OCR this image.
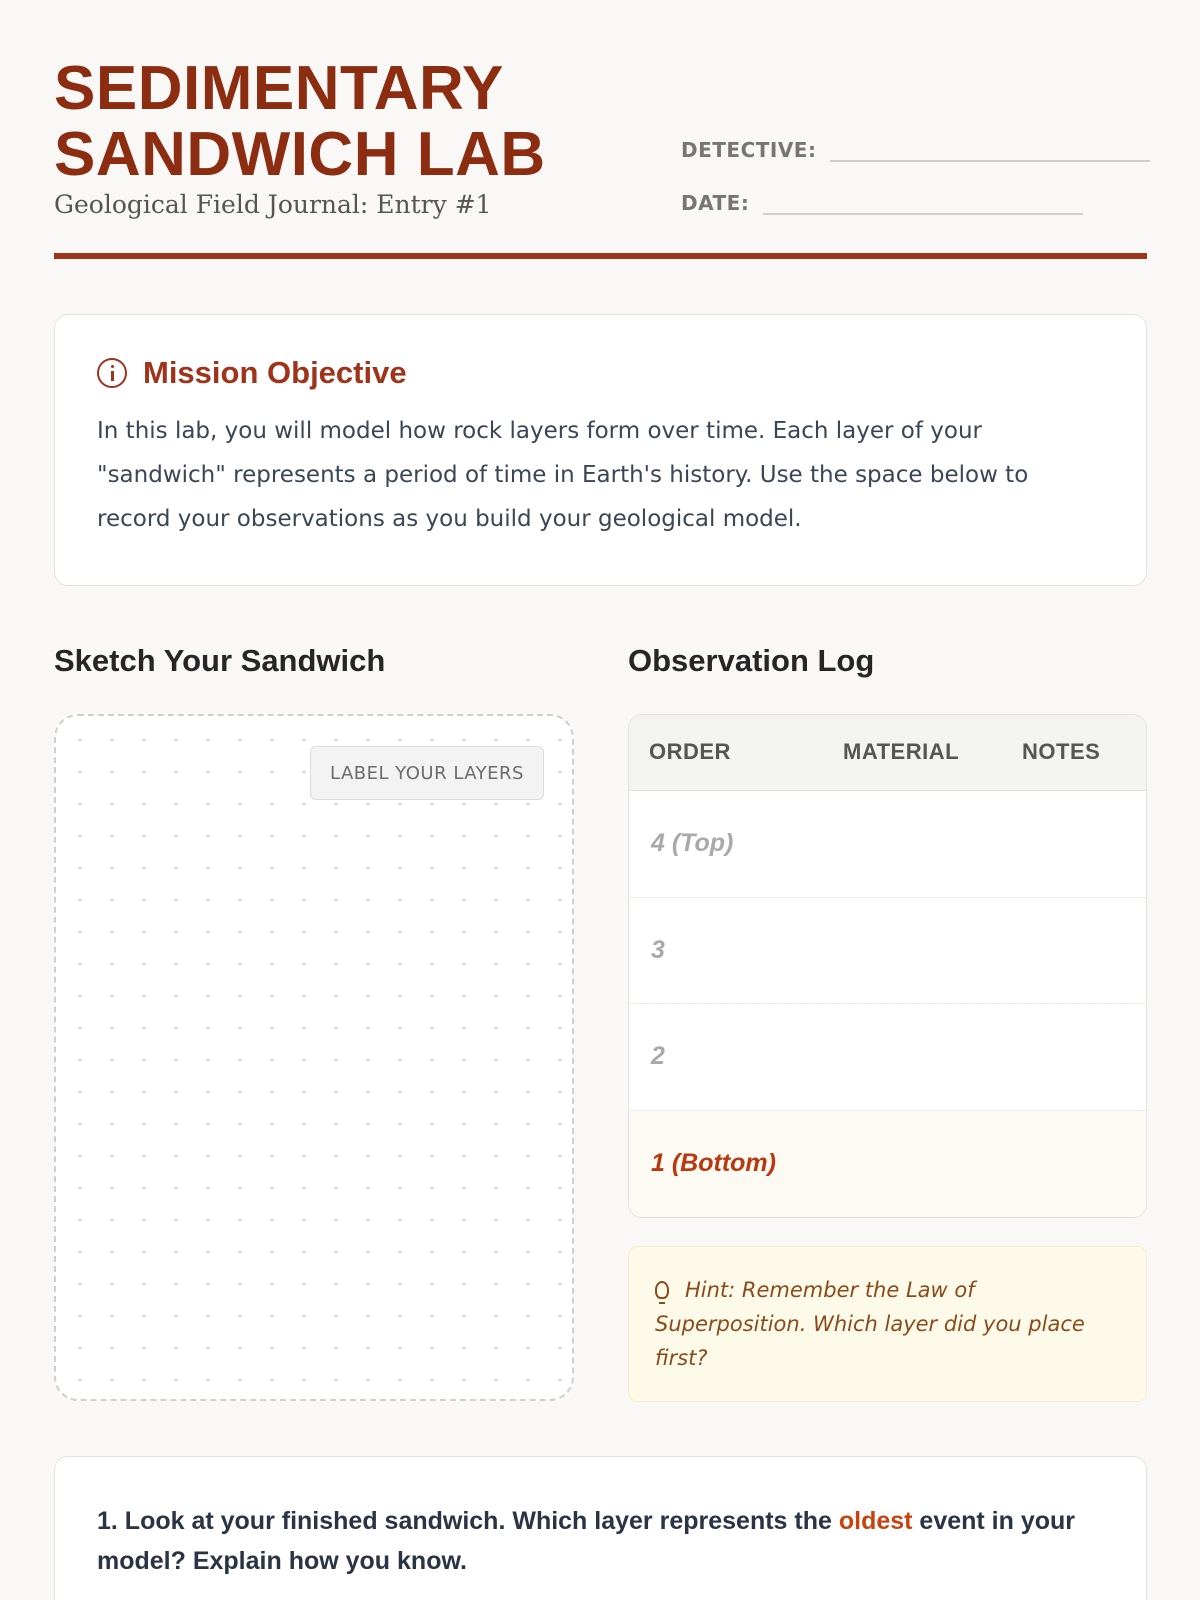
SEDIMENTARY
SANDWICH LAB
Geological Field Journal: Entry #1
DETECTIVE:
DATE:
Mission Objective

In this lab, you will model how rock layers form over time. Each layer of your "sandwich" represents a period of time in Earth's history. Use the space below to record your observations as you build your geological model.

Sketch Your Sandwich	Observation Log
LABEL YOUR LAYERS
ORDER	MATERIAL	NOTES
4 (Top)
3
2
1 (Bottom)
Hint: Remember the Law of Superposition. Which layer did you place first?

1. Look at your finished sandwich. Which layer represents the oldest event in your model? Explain how you know.
